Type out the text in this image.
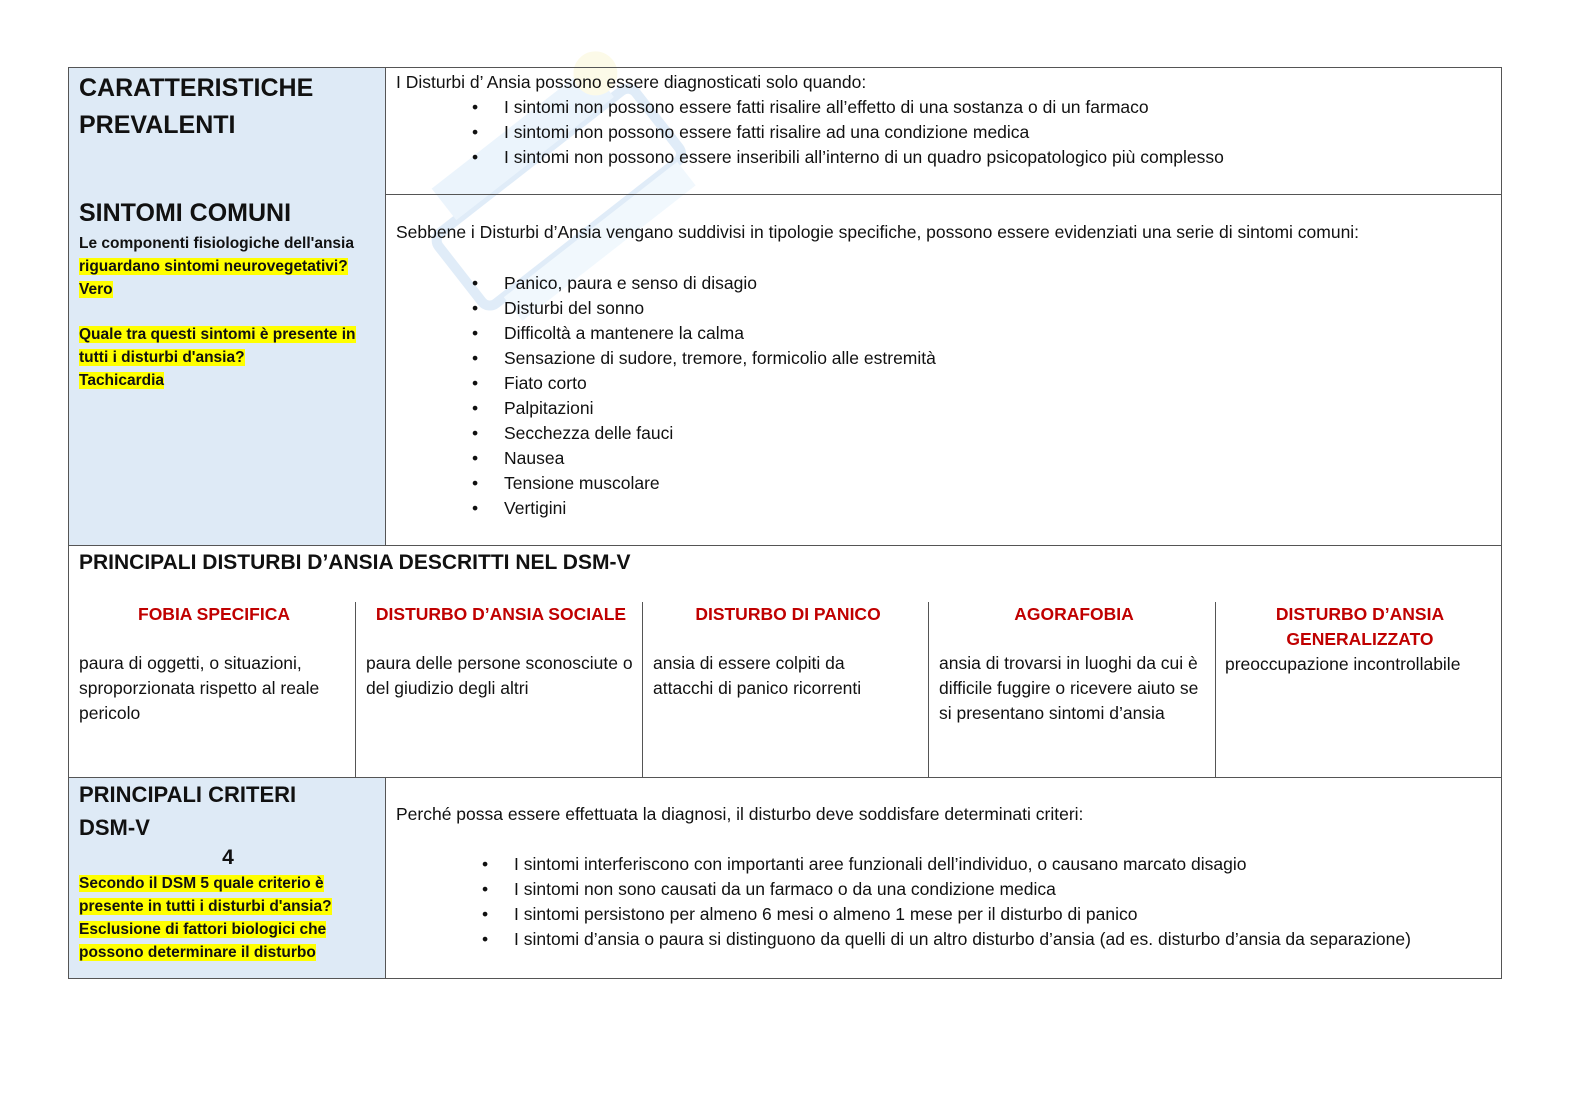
CARATTERISTICHE
PREVALENTI

I Disturbi d’ Ansia possono essere diagnosticati solo quando:

• I sintomi non possono essere fatti risalire all’effetto di una sostanza o di un farmaco
• I sintomi non possono essere fatti risalire ad una condizione medica
• I sintomi non possono essere inseribili all’interno di un quadro psicopatologico più complesso
SINTOMI COMUNI
Le componenti fisiologiche dell'ansia
riguardano sintomi neurovegetativi?
Vero
Quale tra questi sintomi è presente in
tutti i disturbi d'ansia?
Tachicardia

Sebbene i Disturbi d’Ansia vengano suddivisi in tipologie specifiche, possono essere evidenziati una serie di sintomi comuni:

• Panico, paura e senso di disagio
• Disturbi del sonno
• Difficoltà a mantenere la calma
• Sensazione di sudore, tremore, formicolio alle estremità
• Fiato corto
• Palpitazioni
• Secchezza delle fauci
• Nausea
• Tensione muscolare
• Vertigini
PRINCIPALI DISTURBI D’ANSIA DESCRITTI NEL DSM-V
FOBIA SPECIFICA
paura di oggetti, o situazioni, sproporzionata rispetto al reale pericolo
DISTURBO D’ANSIA SOCIALE
paura delle persone sconosciute o del giudizio degli altri
DISTURBO DI PANICO
ansia di essere colpiti da attacchi di panico ricorrenti
AGORAFOBIA
ansia di trovarsi in luoghi da cui è difficile fuggire o ricevere aiuto se si presentano sintomi d’ansia
DISTURBO D’ANSIA GENERALIZZATO
preoccupazione incontrollabile
PRINCIPALI CRITERI
DSM-V
4
Secondo il DSM 5 quale criterio è
presente in tutti i disturbi d'ansia?
Esclusione di fattori biologici che
possono determinare il disturbo

Perché possa essere effettuata la diagnosi, il disturbo deve soddisfare determinati criteri:

• I sintomi interferiscono con importanti aree funzionali dell’individuo, o causano marcato disagio
• I sintomi non sono causati da un farmaco o da una condizione medica
• I sintomi persistono per almeno 6 mesi o almeno 1 mese per il disturbo di panico
• I sintomi d’ansia o paura si distinguono da quelli di un altro disturbo d’ansia (ad es. disturbo d’ansia da separazione)
